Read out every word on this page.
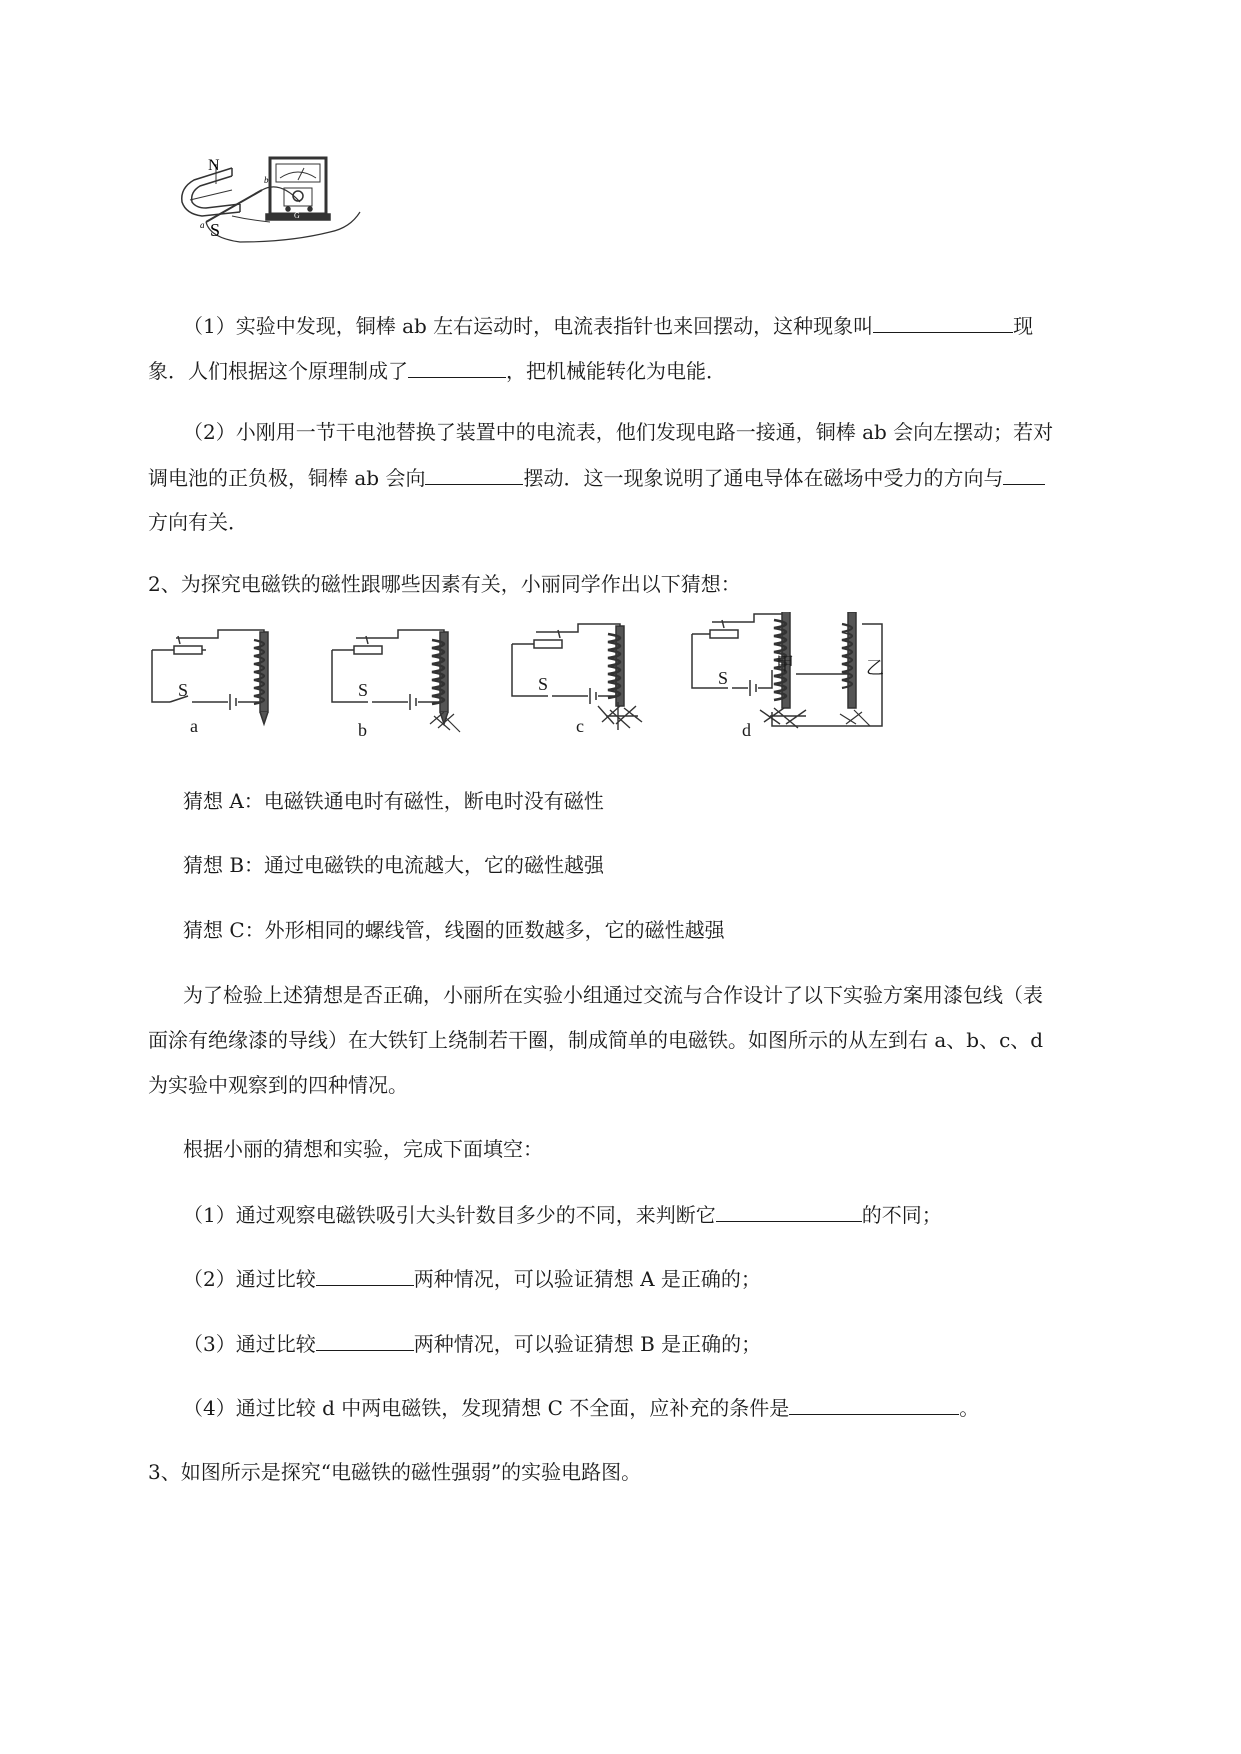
N
S
b
a
G
（1）实验中发现，铜棒 ab 左右运动时，电流表指针也来回摆动，这种现象叫	现
象．人们根据这个原理制成了	，把机械能转化为电能．
（2）小刚用一节干电池替换了装置中的电流表，他们发现电路一接通，铜棒 ab 会向左摆动；若对
调电池的正负极，铜棒 ab 会向	摆动．这一现象说明了通电导体在磁场中受力的方向与
方向有关．
2、为探究电磁铁的磁性跟哪些因素有关，小丽同学作出以下猜想：
S	S	S	S
a	b	c	d
甲	乙
猜想 A：电磁铁通电时有磁性，断电时没有磁性
猜想 B：通过电磁铁的电流越大，它的磁性越强
猜想 C：外形相同的螺线管，线圈的匝数越多，它的磁性越强
为了检验上述猜想是否正确，小丽所在实验小组通过交流与合作设计了以下实验方案用漆包线（表
面涂有绝缘漆的导线）在大铁钉上绕制若干圈，制成简单的电磁铁。如图所示的从左到右 a、b、c、d
为实验中观察到的四种情况。
根据小丽的猜想和实验，完成下面填空：
（1）通过观察电磁铁吸引大头针数目多少的不同，来判断它	的不同；
（2）通过比较	两种情况，可以验证猜想 A 是正确的；
（3）通过比较	两种情况，可以验证猜想 B 是正确的；
（4）通过比较 d 中两电磁铁，发现猜想 C 不全面，应补充的条件是	。
3、如图所示是探究“电磁铁的磁性强弱”的实验电路图。
